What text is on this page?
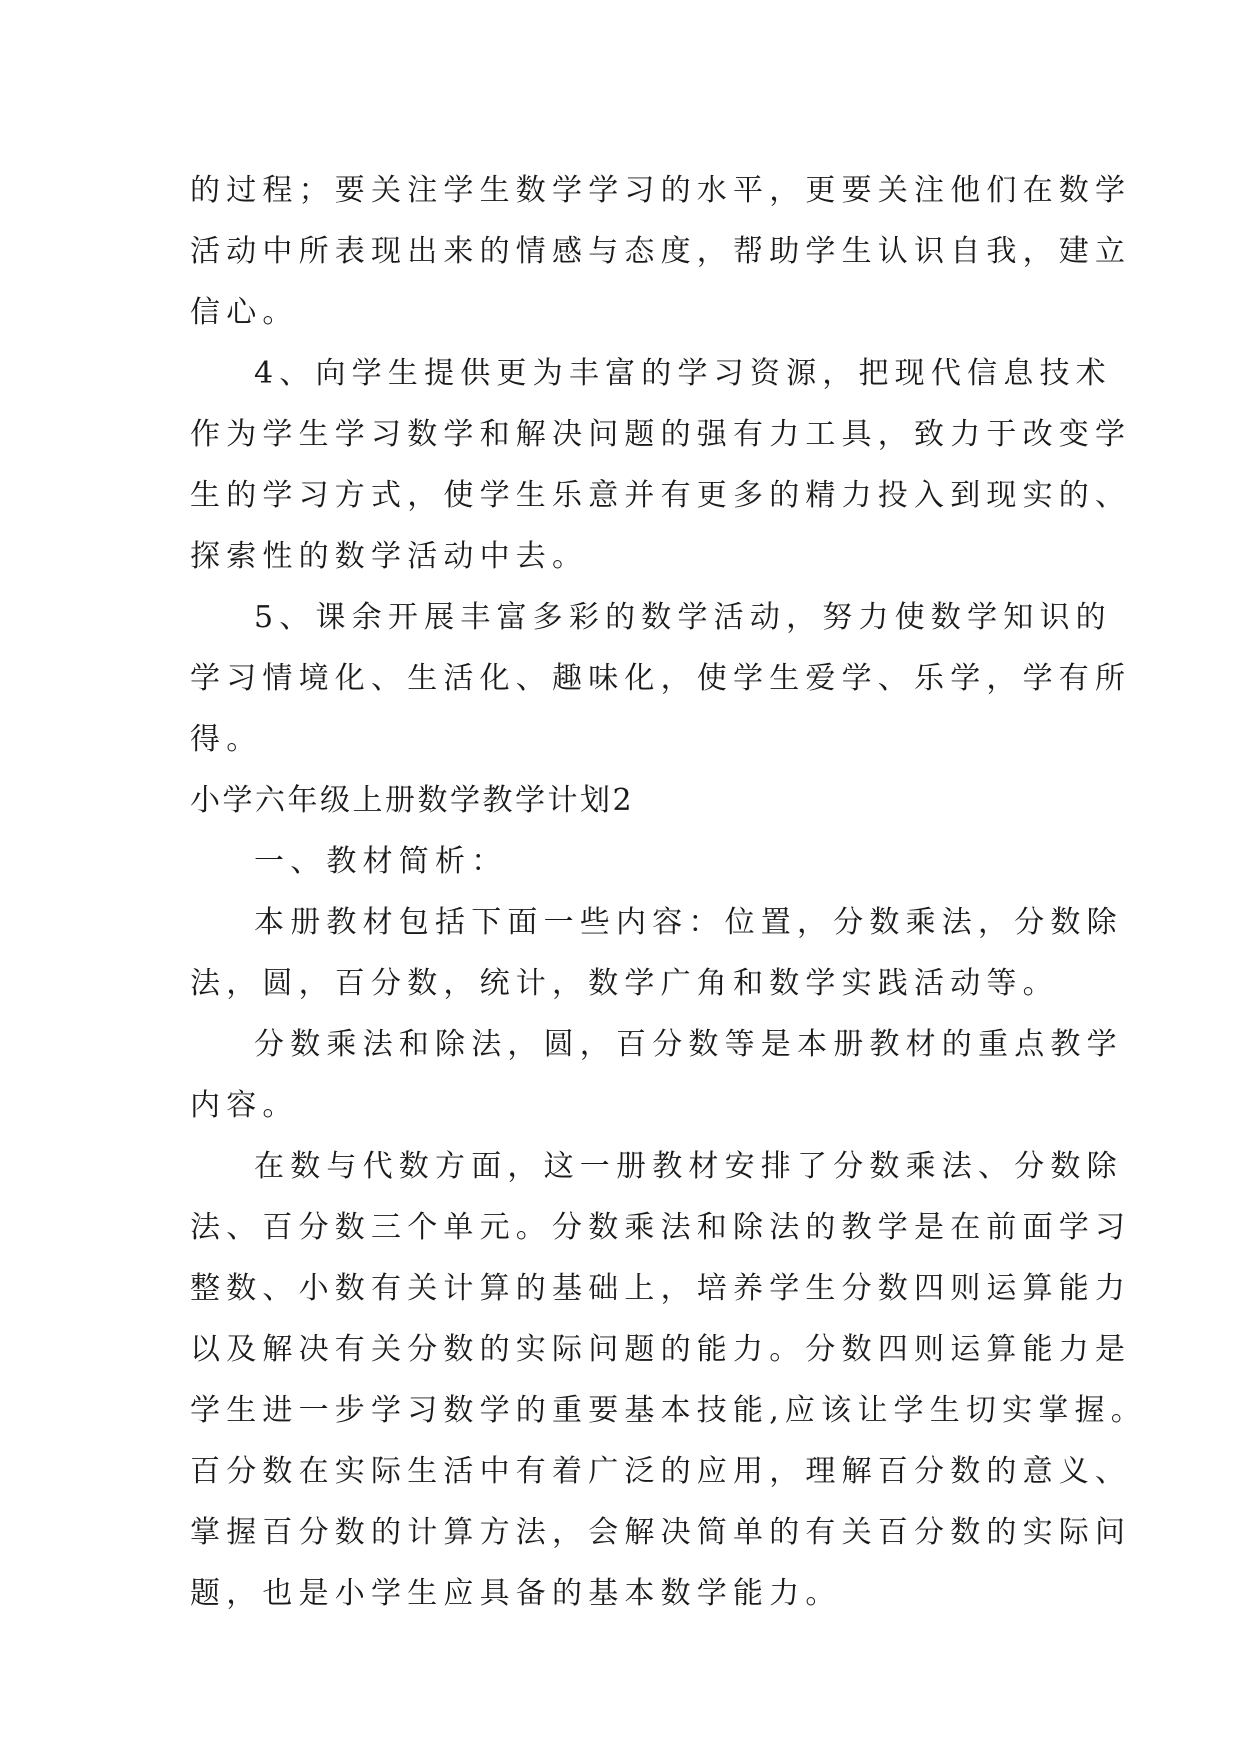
的过程；要关注学生数学学习的水平，更要关注他们在数学
活动中所表现出来的情感与态度，帮助学生认识自我，建立
信心。
4、向学生提供更为丰富的学习资源，把现代信息技术
作为学生学习数学和解决问题的强有力工具，致力于改变学
生的学习方式，使学生乐意并有更多的精力投入到现实的、
探索性的数学活动中去。
5、课余开展丰富多彩的数学活动，努力使数学知识的
学习情境化、生活化、趣味化，使学生爱学、乐学，学有所
得。
小学六年级上册数学教学计划2
一、教材简析：
本册教材包括下面一些内容：位置，分数乘法，分数除
法，圆，百分数，统计，数学广角和数学实践活动等。
分数乘法和除法，圆，百分数等是本册教材的重点教学
内容。
在数与代数方面，这一册教材安排了分数乘法、分数除
法、百分数三个单元。分数乘法和除法的教学是在前面学习
整数、小数有关计算的基础上，培养学生分数四则运算能力
以及解决有关分数的实际问题的能力。分数四则运算能力是
学生进一步学习数学的重要基本技能,应该让学生切实掌握。
百分数在实际生活中有着广泛的应用，理解百分数的意义、
掌握百分数的计算方法，会解决简单的有关百分数的实际问
题，也是小学生应具备的基本数学能力。
